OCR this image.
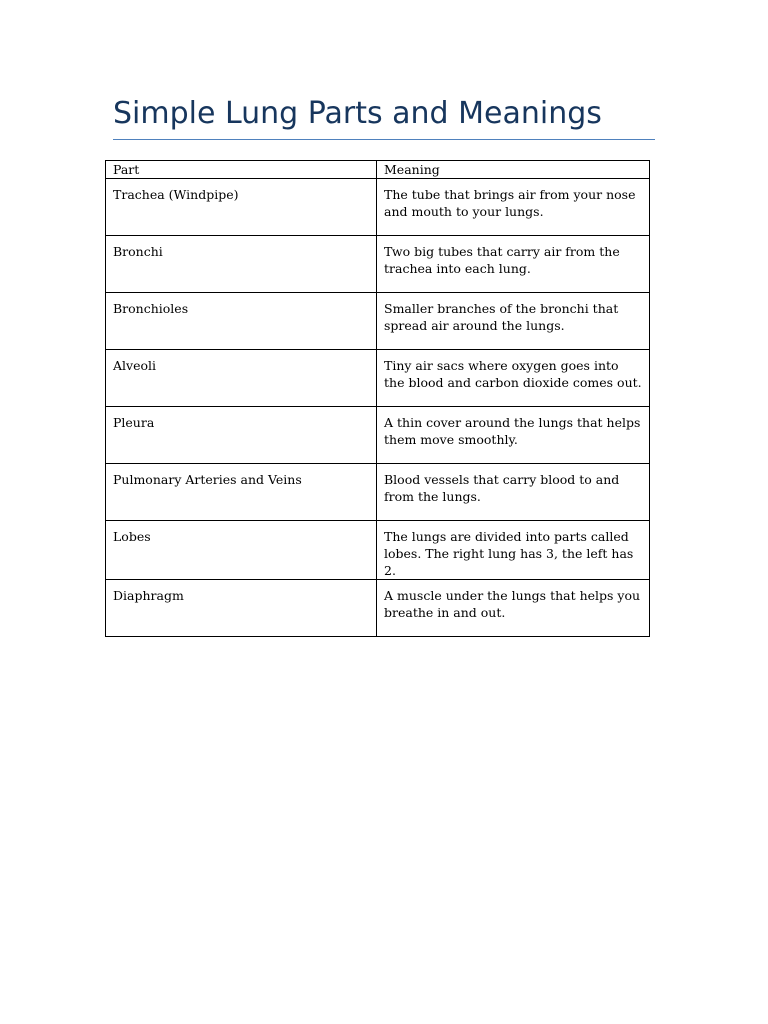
Simple Lung Parts and Meanings
Part	Meaning
Trachea (Windpipe)	The tube that brings air from your nose and mouth to your lungs.
Bronchi	Two big tubes that carry air from the trachea into each lung.
Bronchioles	Smaller branches of the bronchi that spread air around the lungs.
Alveoli	Tiny air sacs where oxygen goes into the blood and carbon dioxide comes out.
Pleura	A thin cover around the lungs that helps them move smoothly.
Pulmonary Arteries and Veins	Blood vessels that carry blood to and from the lungs.
Lobes	The lungs are divided into parts called lobes. The right lung has 3, the left has 2.
Diaphragm	A muscle under the lungs that helps you breathe in and out.
